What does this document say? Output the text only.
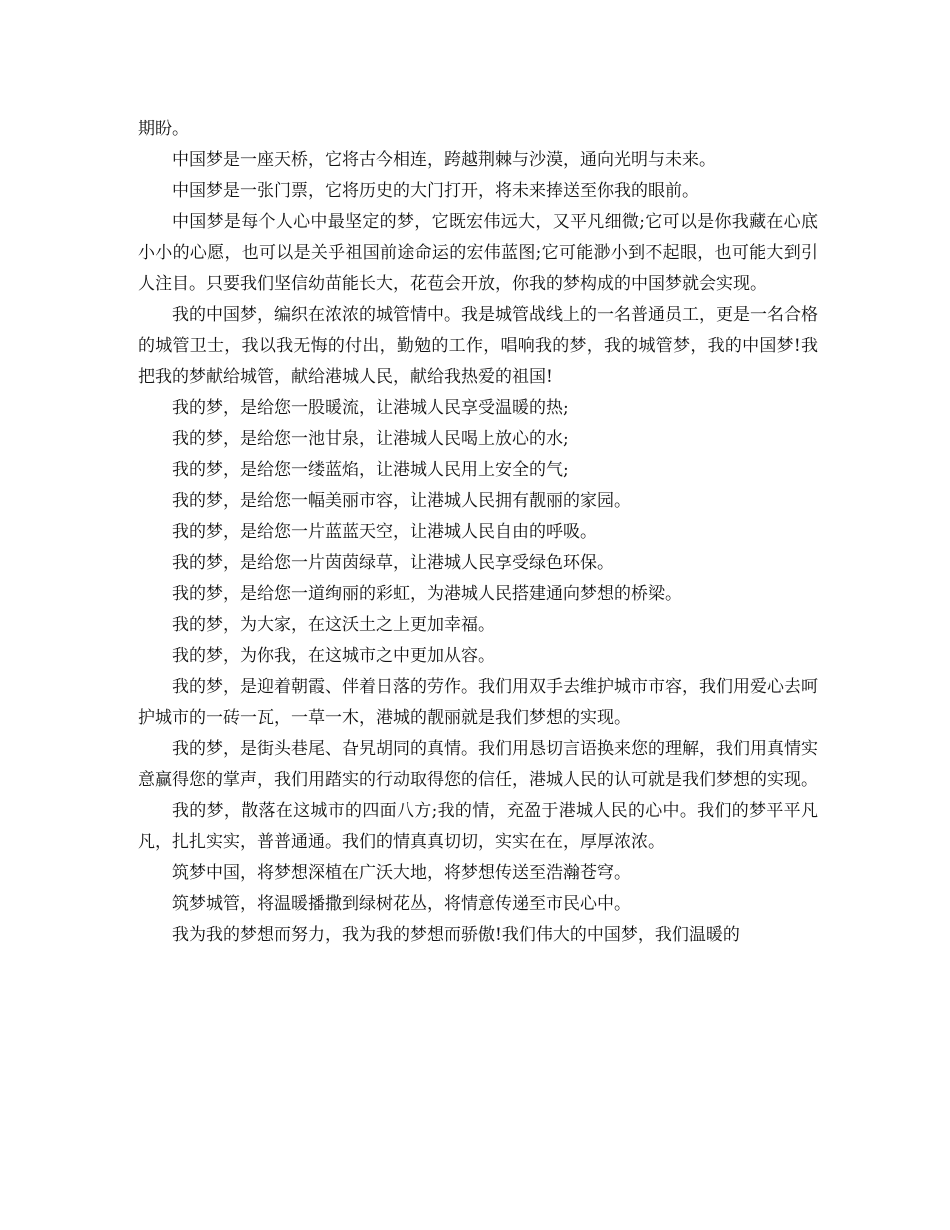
期盼。

中国梦是一座天桥，它将古今相连，跨越荆棘与沙漠，通向光明与未来。

中国梦是一张门票，它将历史的大门打开，将未来捧送至你我的眼前。

中国梦是每个人心中最坚定的梦，它既宏伟远大，又平凡细微;它可以是你我藏在心底小小的心愿，也可以是关乎祖国前途命运的宏伟蓝图;它可能渺小到不起眼，也可能大到引人注目。只要我们坚信幼苗能长大，花苞会开放，你我的梦构成的中国梦就会实现。

我的中国梦，编织在浓浓的城管情中。我是城管战线上的一名普通员工，更是一名合格的城管卫士，我以我无悔的付出，勤勉的工作，唱响我的梦，我的城管梦，我的中国梦!我把我的梦献给城管，献给港城人民，献给我热爱的祖国!

我的梦，是给您一股暖流，让港城人民享受温暖的热;

我的梦，是给您一池甘泉，让港城人民喝上放心的水;

我的梦，是给您一缕蓝焰，让港城人民用上安全的气;

我的梦，是给您一幅美丽市容，让港城人民拥有靓丽的家园。

我的梦，是给您一片蓝蓝天空，让港城人民自由的呼吸。

我的梦，是给您一片茵茵绿草，让港城人民享受绿色环保。

我的梦，是给您一道绚丽的彩虹，为港城人民搭建通向梦想的桥梁。

我的梦，为大家，在这沃土之上更加幸福。

我的梦，为你我，在这城市之中更加从容。

我的梦，是迎着朝霞、伴着日落的劳作。我们用双手去维护城市市容，我们用爱心去呵护城市的一砖一瓦，一草一木，港城的靓丽就是我们梦想的实现。

我的梦，是街头巷尾、旮旯胡同的真情。我们用恳切言语换来您的理解，我们用真情实意赢得您的掌声，我们用踏实的行动取得您的信任，港城人民的认可就是我们梦想的实现。

我的梦，散落在这城市的四面八方;我的情，充盈于港城人民的心中。我们的梦平平凡凡，扎扎实实，普普通通。我们的情真真切切，实实在在，厚厚浓浓。

筑梦中国，将梦想深植在广沃大地，将梦想传送至浩瀚苍穹。

筑梦城管，将温暖播撒到绿树花丛，将情意传递至市民心中。

我为我的梦想而努力，我为我的梦想而骄傲!我们伟大的中国梦，我们温暖的
